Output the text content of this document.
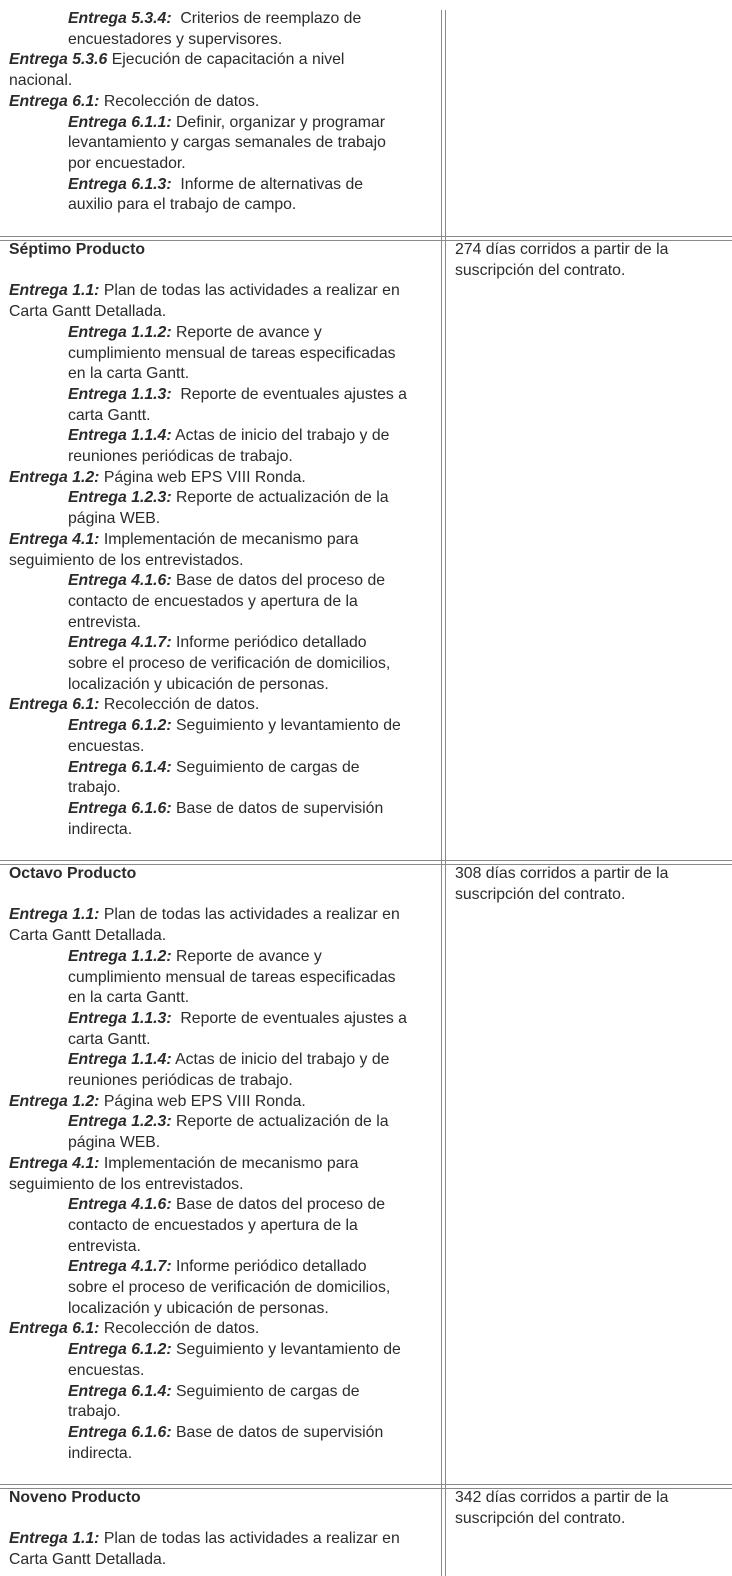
Entrega 5.3.4:  Criterios de reemplazo de
encuestadores y supervisores.
Entrega 5.3.6 Ejecución de capacitación a nivel
nacional.
Entrega 6.1: Recolección de datos.
Entrega 6.1.1: Definir, organizar y programar
levantamiento y cargas semanales de trabajo
por encuestador.
Entrega 6.1.3:  Informe de alternativas de
auxilio para el trabajo de campo.
Séptimo Producto
Entrega 1.1: Plan de todas las actividades a realizar en
Carta Gantt Detallada.
Entrega 1.1.2: Reporte de avance y
cumplimiento mensual de tareas especificadas
en la carta Gantt.
Entrega 1.1.3:  Reporte de eventuales ajustes a
carta Gantt.
Entrega 1.1.4: Actas de inicio del trabajo y de
reuniones periódicas de trabajo.
Entrega 1.2: Página web EPS VIII Ronda.
Entrega 1.2.3: Reporte de actualización de la
página WEB.
Entrega 4.1: Implementación de mecanismo para
seguimiento de los entrevistados.
Entrega 4.1.6: Base de datos del proceso de
contacto de encuestados y apertura de la
entrevista.
Entrega 4.1.7: Informe periódico detallado
sobre el proceso de verificación de domicilios,
localización y ubicación de personas.
Entrega 6.1: Recolección de datos.
Entrega 6.1.2: Seguimiento y levantamiento de
encuestas.
Entrega 6.1.4: Seguimiento de cargas de
trabajo.
Entrega 6.1.6: Base de datos de supervisión
indirecta.
274 días corridos a partir de la
suscripción del contrato.
Octavo Producto
Entrega 1.1: Plan de todas las actividades a realizar en
Carta Gantt Detallada.
Entrega 1.1.2: Reporte de avance y
cumplimiento mensual de tareas especificadas
en la carta Gantt.
Entrega 1.1.3:  Reporte de eventuales ajustes a
carta Gantt.
Entrega 1.1.4: Actas de inicio del trabajo y de
reuniones periódicas de trabajo.
Entrega 1.2: Página web EPS VIII Ronda.
Entrega 1.2.3: Reporte de actualización de la
página WEB.
Entrega 4.1: Implementación de mecanismo para
seguimiento de los entrevistados.
Entrega 4.1.6: Base de datos del proceso de
contacto de encuestados y apertura de la
entrevista.
Entrega 4.1.7: Informe periódico detallado
sobre el proceso de verificación de domicilios,
localización y ubicación de personas.
Entrega 6.1: Recolección de datos.
Entrega 6.1.2: Seguimiento y levantamiento de
encuestas.
Entrega 6.1.4: Seguimiento de cargas de
trabajo.
Entrega 6.1.6: Base de datos de supervisión
indirecta.
308 días corridos a partir de la
suscripción del contrato.
Noveno Producto
Entrega 1.1: Plan de todas las actividades a realizar en
Carta Gantt Detallada.
342 días corridos a partir de la
suscripción del contrato.
